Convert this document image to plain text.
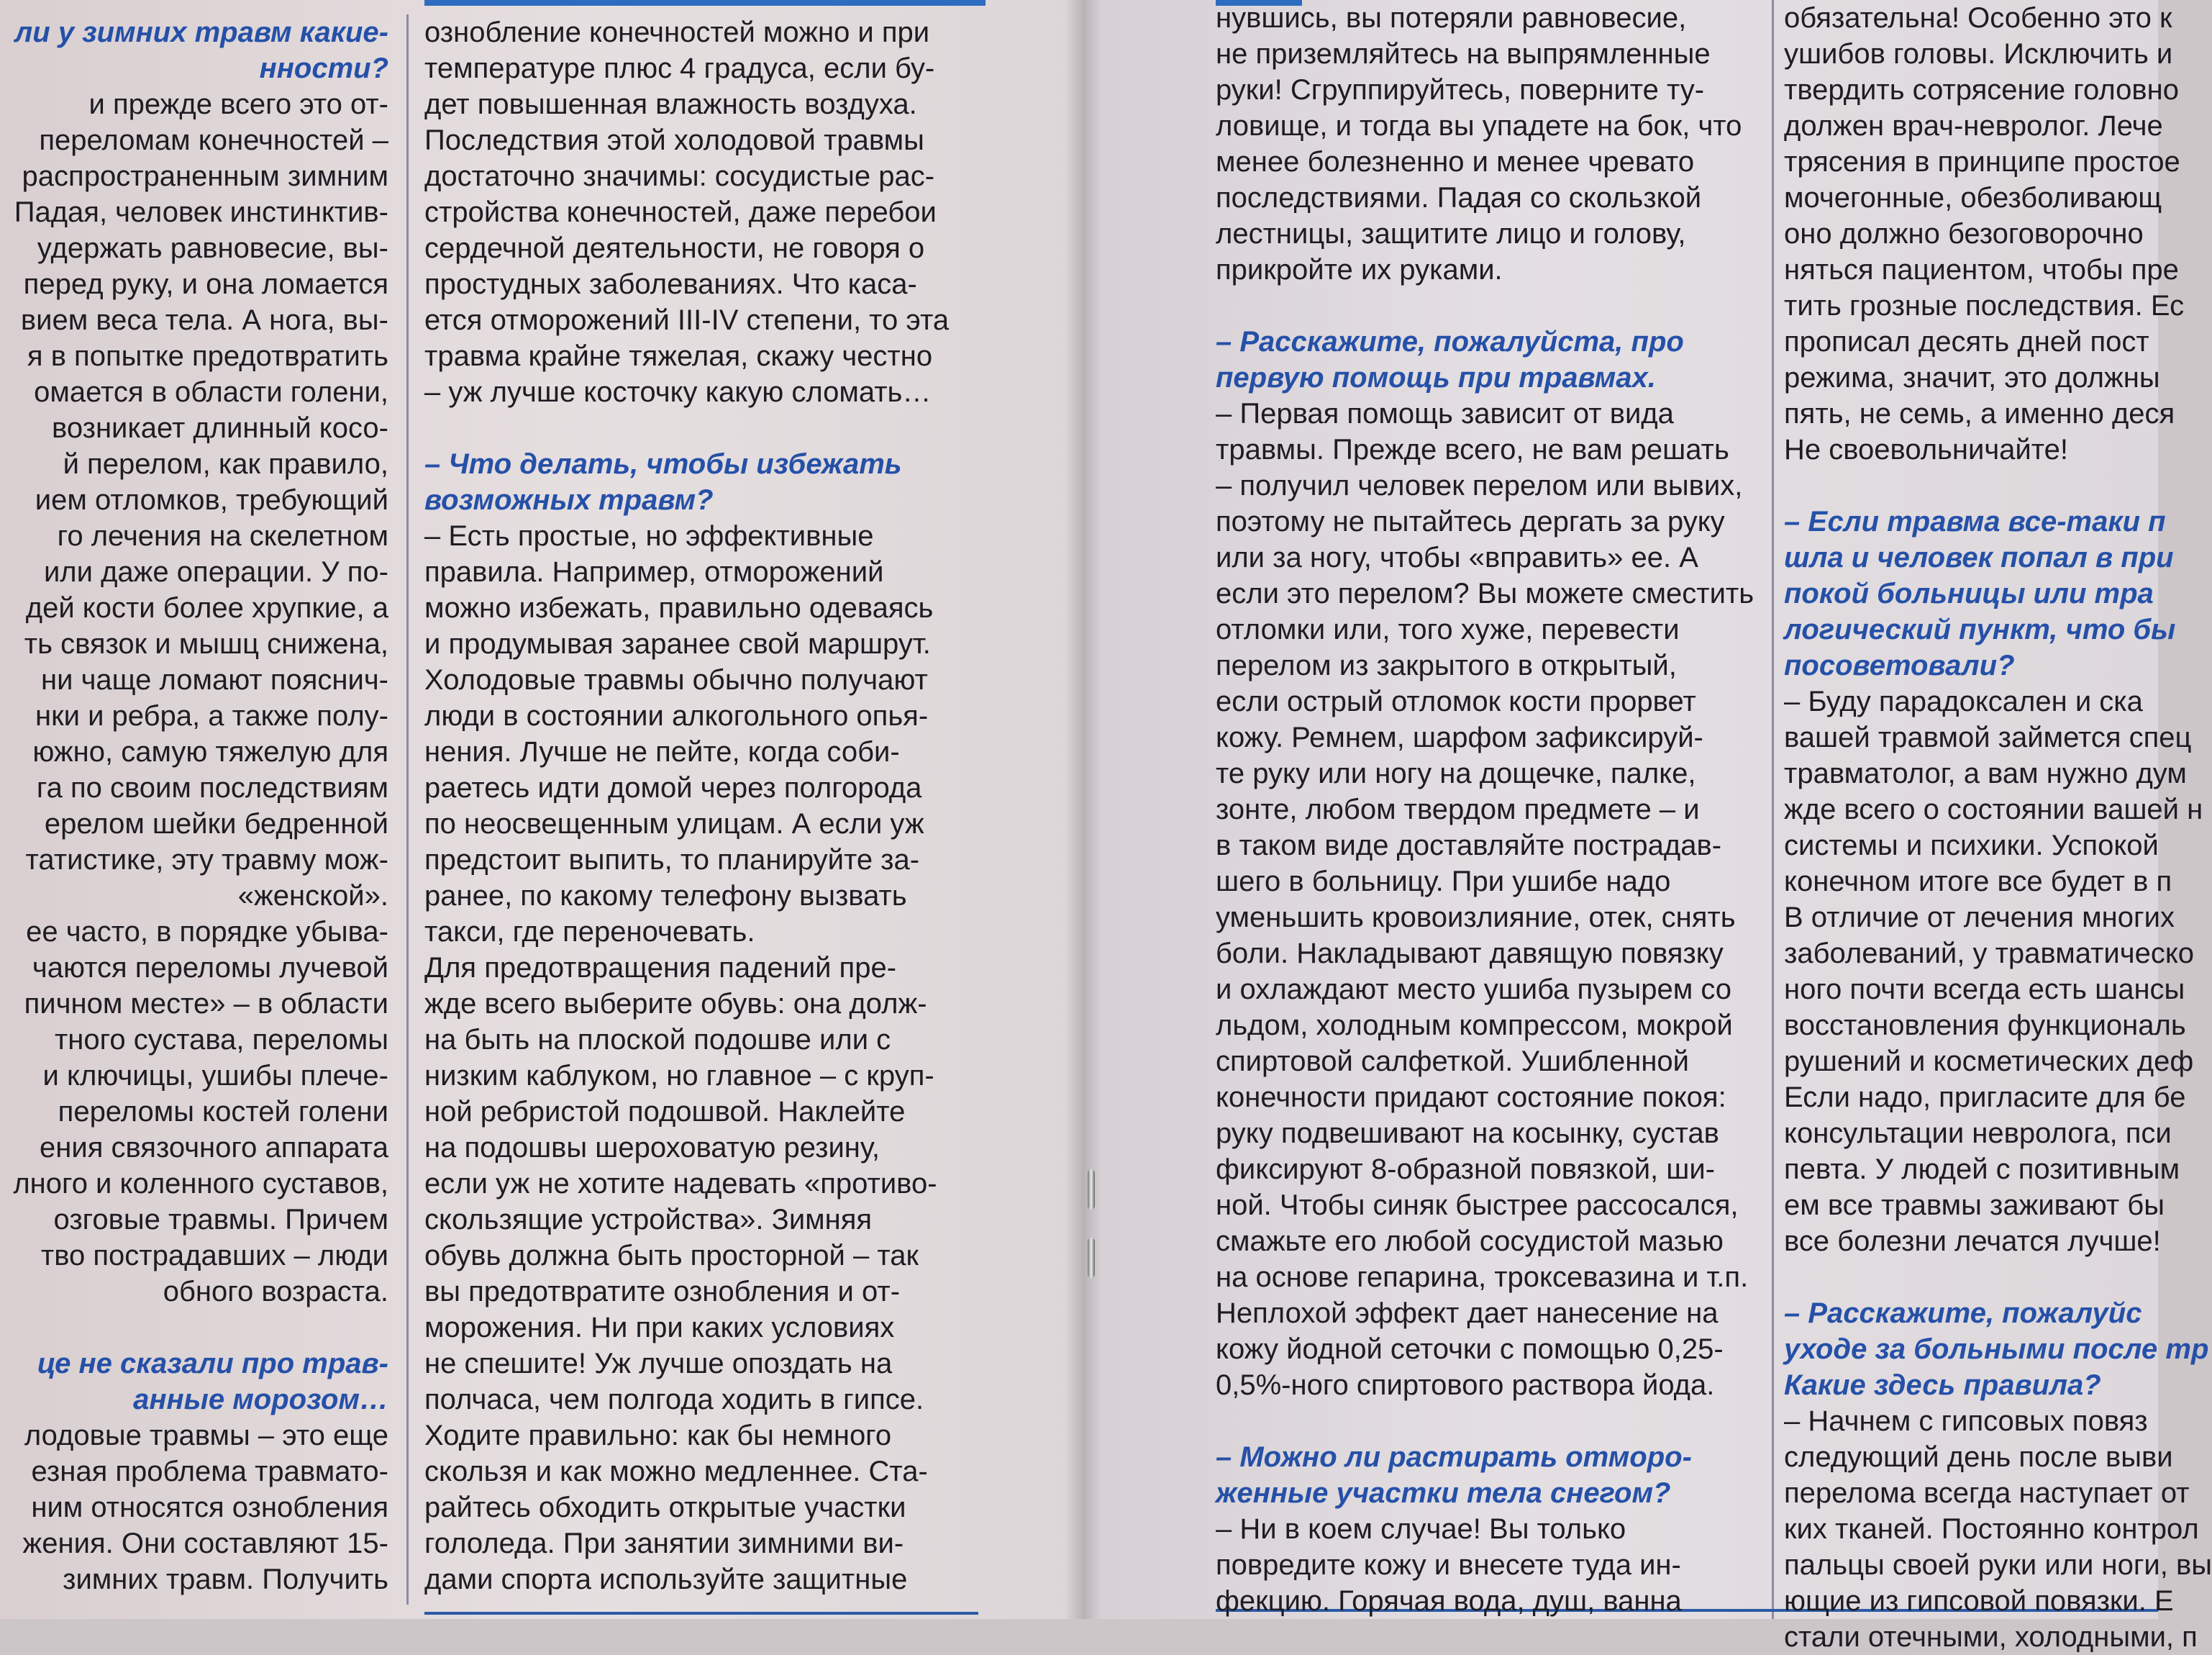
ли у зимних травм какие-
нности?
и прежде всего это от-
переломам конечностей –
распространенным зимним
Падая, человек инстинктив-
удержать равновесие, вы-
перед руку, и она ломается
вием веса тела. А нога, вы-
я в попытке предотвратить
омается в области голени,
возникает длинный косо-
й перелом, как правило,
ием отломков, требующий
го лечения на скелетном
или даже операции. У по-
дей кости более хрупкие, а
ть связок и мышц снижена,
ни чаще ломают пояснич-
нки и ребра, а также полу-
южно, самую тяжелую для
га по своим последствиям
ерелом шейки бедренной
татистике, эту травму мож-
«женской».
ее часто, в порядке убыва-
чаются переломы лучевой
пичном месте» – в области
тного сустава, переломы
и ключицы, ушибы плече-
переломы костей голени
ения связочного аппарата
лного и коленного суставов,
озговые травмы. Причем
тво пострадавших – люди
обного возраста.
це не сказали про трав-
анные морозом…
лодовые травмы – это еще
езная проблема травмато-
ним относятся ознобления
жения. Они составляют 15-
зимних травм. Получить
ознобление конечностей можно и при
температуре плюс 4 градуса, если бу-
дет повышенная влажность воздуха.
Последствия этой холодовой травмы
достаточно значимы: сосудистые рас-
стройства конечностей, даже перебои
сердечной деятельности, не говоря о
простудных заболеваниях. Что каса-
ется отморожений III-IV степени, то эта
травма крайне тяжелая, скажу честно
– уж лучше косточку какую сломать…
– Что делать, чтобы избежать
возможных травм?
– Есть простые, но эффективные
правила. Например, отморожений
можно избежать, правильно одеваясь
и продумывая заранее свой маршрут.
Холодовые травмы обычно получают
люди в состоянии алкогольного опья-
нения. Лучше не пейте, когда соби-
раетесь идти домой через полгорода
по неосвещенным улицам. А если уж
предстоит выпить, то планируйте за-
ранее, по какому телефону вызвать
такси, где переночевать.
Для предотвращения падений пре-
жде всего выберите обувь: она долж-
на быть на плоской подошве или с
низким каблуком, но главное – с круп-
ной ребристой подошвой. Наклейте
на подошвы шероховатую резину,
если уж не хотите надевать «противо-
скользящие устройства». Зимняя
обувь должна быть просторной – так
вы предотвратите ознобления и от-
морожения. Ни при каких условиях
не спешите! Уж лучше опоздать на
полчаса, чем полгода ходить в гипсе.
Ходите правильно: как бы немного
скользя и как можно медленнее. Ста-
райтесь обходить открытые участки
гололеда. При занятии зимними ви-
дами спорта используйте защитные
нувшись, вы потеряли равновесие,
не приземляйтесь на выпрямленные
руки! Сгруппируйтесь, поверните ту-
ловище, и тогда вы упадете на бок, что
менее болезненно и менее чревато
последствиями. Падая со скользкой
лестницы, защитите лицо и голову,
прикройте их руками.
– Расскажите, пожалуйста, про
первую помощь при травмах.
– Первая помощь зависит от вида
травмы. Прежде всего, не вам решать
– получил человек перелом или вывих,
поэтому не пытайтесь дергать за руку
или за ногу, чтобы «вправить» ее. А
если это перелом? Вы можете сместить
отломки или, того хуже, перевести
перелом из закрытого в открытый,
если острый отломок кости прорвет
кожу. Ремнем, шарфом зафиксируй-
те руку или ногу на дощечке, палке,
зонте, любом твердом предмете – и
в таком виде доставляйте пострадав-
шего в больницу. При ушибе надо
уменьшить кровоизлияние, отек, снять
боли. Накладывают давящую повязку
и охлаждают место ушиба пузырем со
льдом, холодным компрессом, мокрой
спиртовой салфеткой. Ушибленной
конечности придают состояние покоя:
руку подвешивают на косынку, сустав
фиксируют 8-образной повязкой, ши-
ной. Чтобы синяк быстрее рассосался,
смажьте его любой сосудистой мазью
на основе гепарина, троксевазина и т.п.
Неплохой эффект дает нанесение на
кожу йодной сеточки с помощью 0,25-
0,5%-ного спиртового раствора йода.
– Можно ли растирать отморо-
женные участки тела снегом?
– Ни в коем случае! Вы только
повредите кожу и внесете туда ин-
фекцию. Горячая вода, душ, ванна
обязательна! Особенно это к
ушибов головы. Исключить и
твердить сотрясение головно
должен врач-невролог. Лече
трясения в принципе простое
мочегонные, обезболивающ
оно должно безоговорочно
няться пациентом, чтобы пре
тить грозные последствия. Ес
прописал десять дней пост
режима, значит, это должны
пять, не семь, а именно деся
Не своевольничайте!
– Если травма все-таки п
шла и человек попал в при
покой больницы или тра
логический пункт, что бы
посоветовали?
– Буду парадоксален и ска
вашей травмой займется спец
травматолог, а вам нужно дум
жде всего о состоянии вашей н
системы и психики. Успокой
конечном итоге все будет в п
В отличие от лечения многих
заболеваний, у травматическо
ного почти всегда есть шансы
восстановления функциональ
рушений и косметических деф
Если надо, пригласите для бе
консультации невролога, пси
певта. У людей с позитивным
ем все травмы заживают бы
все болезни лечатся лучше!
– Расскажите, пожалуйс
уходе за больными после тр
Какие здесь правила?
– Начнем с гипсовых повяз
следующий день после выви
перелома всегда наступает от
ких тканей. Постоянно контрол
пальцы своей руки или ноги, вы
ющие из гипсовой повязки. Е
стали отечными, холодными, п
